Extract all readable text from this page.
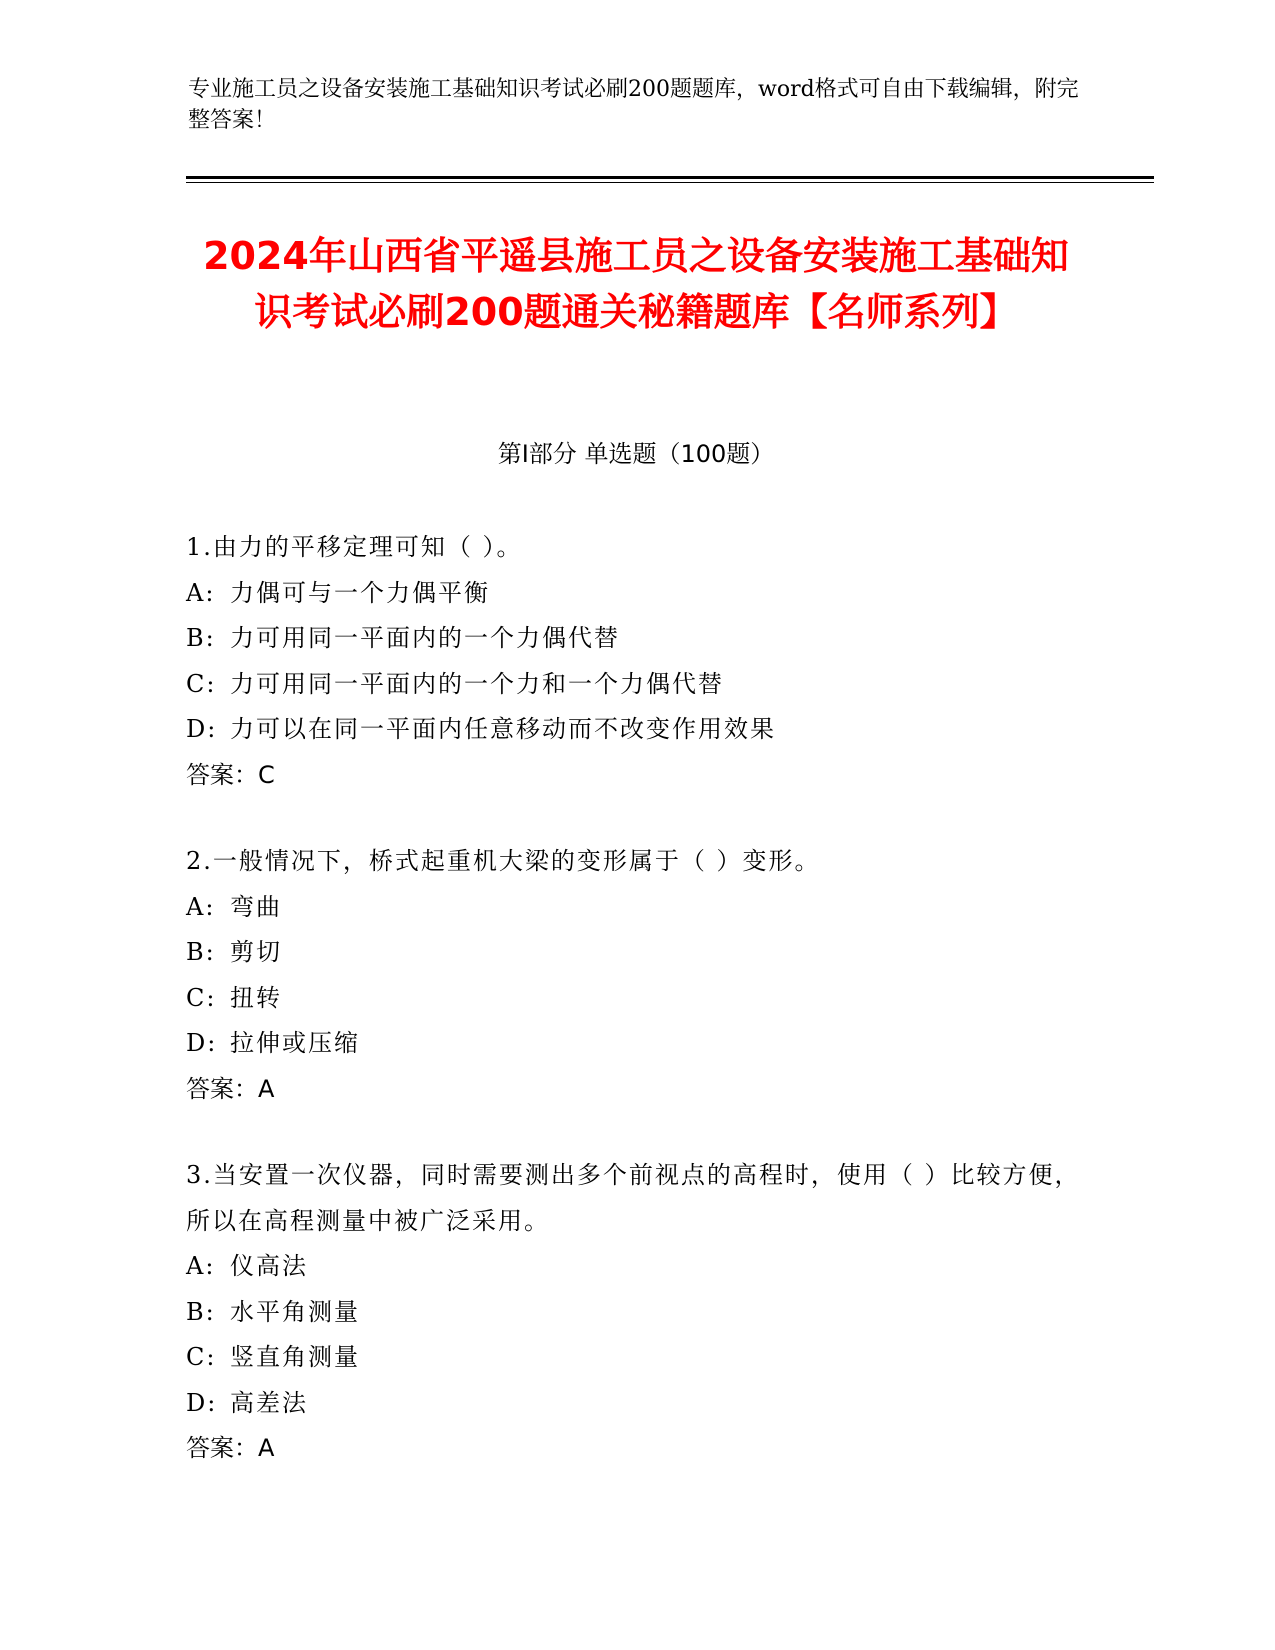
专业施工员之设备安装施工基础知识考试必刷200题题库，word格式可自由下载编辑，附完整答案！
2024年山西省平遥县施工员之设备安装施工基础知识考试必刷200题通关秘籍题库【名师系列】
第Ⅰ部分 单选题（100题）
1.由力的平移定理可知（ ）。
A: 力偶可与一个力偶平衡
B: 力可用同一平面内的一个力偶代替
C: 力可用同一平面内的一个力和一个力偶代替
D: 力可以在同一平面内任意移动而不改变作用效果
答案：C
2.一般情况下，桥式起重机大梁的变形属于（ ）变形。
A: 弯曲
B: 剪切
C: 扭转
D: 拉伸或压缩
答案：A
3.当安置一次仪器，同时需要测出多个前视点的高程时，使用（ ）比较方便，所以在高程测量中被广泛采用。
A: 仪高法
B: 水平角测量
C: 竖直角测量
D: 高差法
答案：A
